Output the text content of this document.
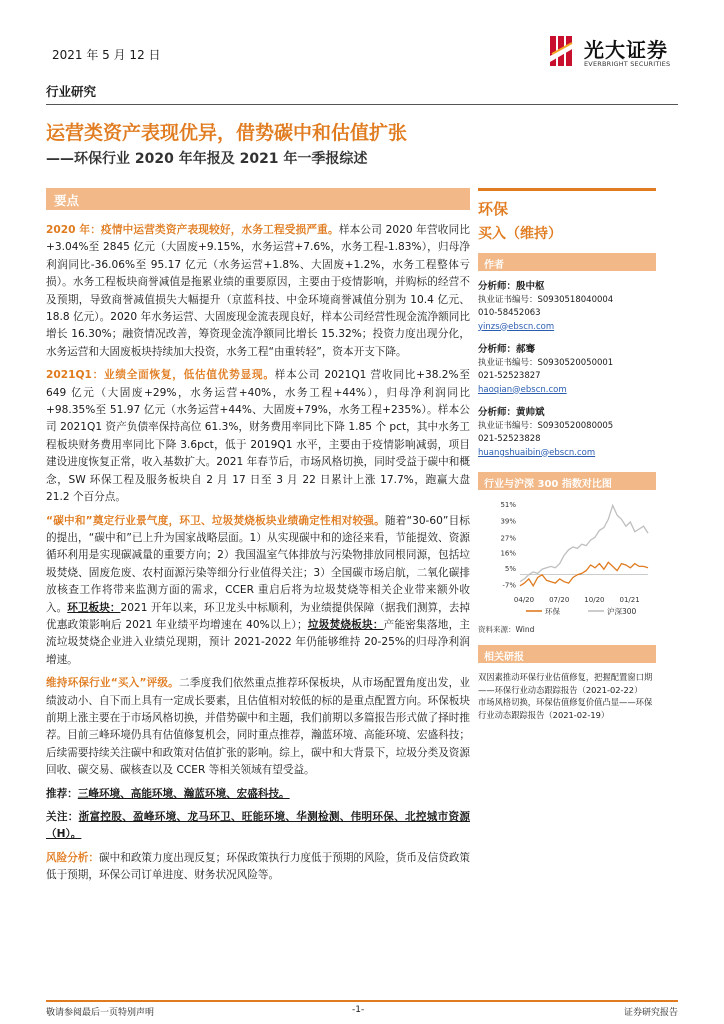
2021 年 5 月 12 日	光大证券
EVERBRIGHT SECURITIES
行业研究
运营类资产表现优异，借势碳中和估值扩张
——环保行业 2020 年年报及 2021 年一季报综述
要点

2020 年：疫情中运营类资产表现较好，水务工程受损严重。样本公司 2020 年营收同比+3.04%至 2845 亿元（大固废+9.15%，水务运营+7.6%，水务工程-1.83%），归母净利润同比-36.06%至 95.17 亿元（水务运营+1.8%、大固废+1.2%，水务工程整体亏损）。水务工程板块商誉减值是拖累业绩的重要原因，主要由于疫情影响，并购标的经营不及预期，导致商誉减值损失大幅提升（京蓝科技、中金环境商誉减值分别为 10.4 亿元、18.8 亿元）。2020 年水务运营、大固废现金流表现良好，样本公司经营性现金流净额同比增长 16.30%；融资情况改善，筹资现金流净额同比增长 15.32%；投资力度出现分化，水务运营和大固废板块持续加大投资，水务工程“由重转轻”，资本开支下降。

2021Q1：业绩全面恢复，低估值优势显现。样本公司 2021Q1 营收同比+38.2%至 649 亿元（大固废+29%，水务运营+40%，水务工程+44%），归母净利润同比+98.35%至 51.97 亿元（水务运营+44%、大固废+79%，水务工程+235%）。样本公司 2021Q1 资产负债率保持高位 61.3%，财务费用率同比下降 1.85 个 pct，其中水务工程板块财务费用率同比下降 3.6pct，低于 2019Q1 水平，主要由于疫情影响减弱，项目建设进度恢复正常，收入基数扩大。2021 年春节后，市场风格切换，同时受益于碳中和概念，SW 环保工程及服务板块自 2 月 17 日至 3 月 22 日累计上涨 17.7%，跑赢大盘 21.2 个百分点。

“碳中和”奠定行业景气度，环卫、垃圾焚烧板块业绩确定性相对较强。随着“30-60”目标的提出，“碳中和”已上升为国家战略层面。1）从实现碳中和的途径来看，节能提效、资源循环利用是实现碳减量的重要方向；2）我国温室气体排放与污染物排放同根同源，包括垃圾焚烧、固废危废、农村面源污染等细分行业值得关注；3）全国碳市场启航，二氧化碳排放核查工作将带来监测方面的需求，CCER 重启后将为垃圾焚烧等相关企业带来额外收入。环卫板块：2021 开年以来，环卫龙头中标顺利，为业绩提供保障（据我们测算，去掉优惠政策影响后 2021 年业绩平均增速在 40%以上）；垃圾焚烧板块：产能密集落地，主流垃圾焚烧企业进入业绩兑现期，预计 2021-2022 年仍能够维持 20-25%的归母净利润增速。

维持环保行业“买入”评级。二季度我们依然重点推荐环保板块，从市场配置角度出发，业绩波动小、自下而上具有一定成长要素，且估值相对较低的标的是重点配置方向。环保板块前期上涨主要在于市场风格切换，并借势碳中和主题，我们前期以多篇报告形式做了择时推荐。目前三峰环境仍具有估值修复机会，同时重点推荐，瀚蓝环境、高能环境、宏盛科技；后续需要持续关注碳中和政策对估值扩张的影响。综上，碳中和大背景下，垃圾分类及资源回收、碳交易、碳核查以及 CCER 等相关领域有望受益。

推荐：三峰环境、高能环境、瀚蓝环境、宏盛科技。

关注：浙富控股、盈峰环境、龙马环卫、旺能环境、华测检测、伟明环保、北控城市资源（H）。

风险分析：碳中和政策力度出现反复；环保政策执行力度低于预期的风险，货币及信贷政策低于预期，环保公司订单进度、财务状况风险等。

环保
买入（维持）
作者
分析师：殷中枢
执业证书编号：S0930518040004
010-58452063
yinzs@ebscn.com
分析师：郝骞
执业证书编号：S0930520050001
021-52523827
haoqian@ebscn.com
分析师：黄帅斌
执业证书编号：S0930520080005
021-52523828
huangshuaibin@ebscn.com
行业与沪深 300 指数对比图
51%
39%
27%
16%
5%
-7%
04/20 07/20 10/20 01/21
环保	沪深300
资料来源：Wind
相关研报
双因素推动环保行业估值修复，把握配置窗口期——环保行业动态跟踪报告（2021-02-22）
市场风格切换，环保估值修复价值凸显——环保行业动态跟踪报告（2021-02-19）
敬请参阅最后一页特别声明	-1-	证券研究报告
